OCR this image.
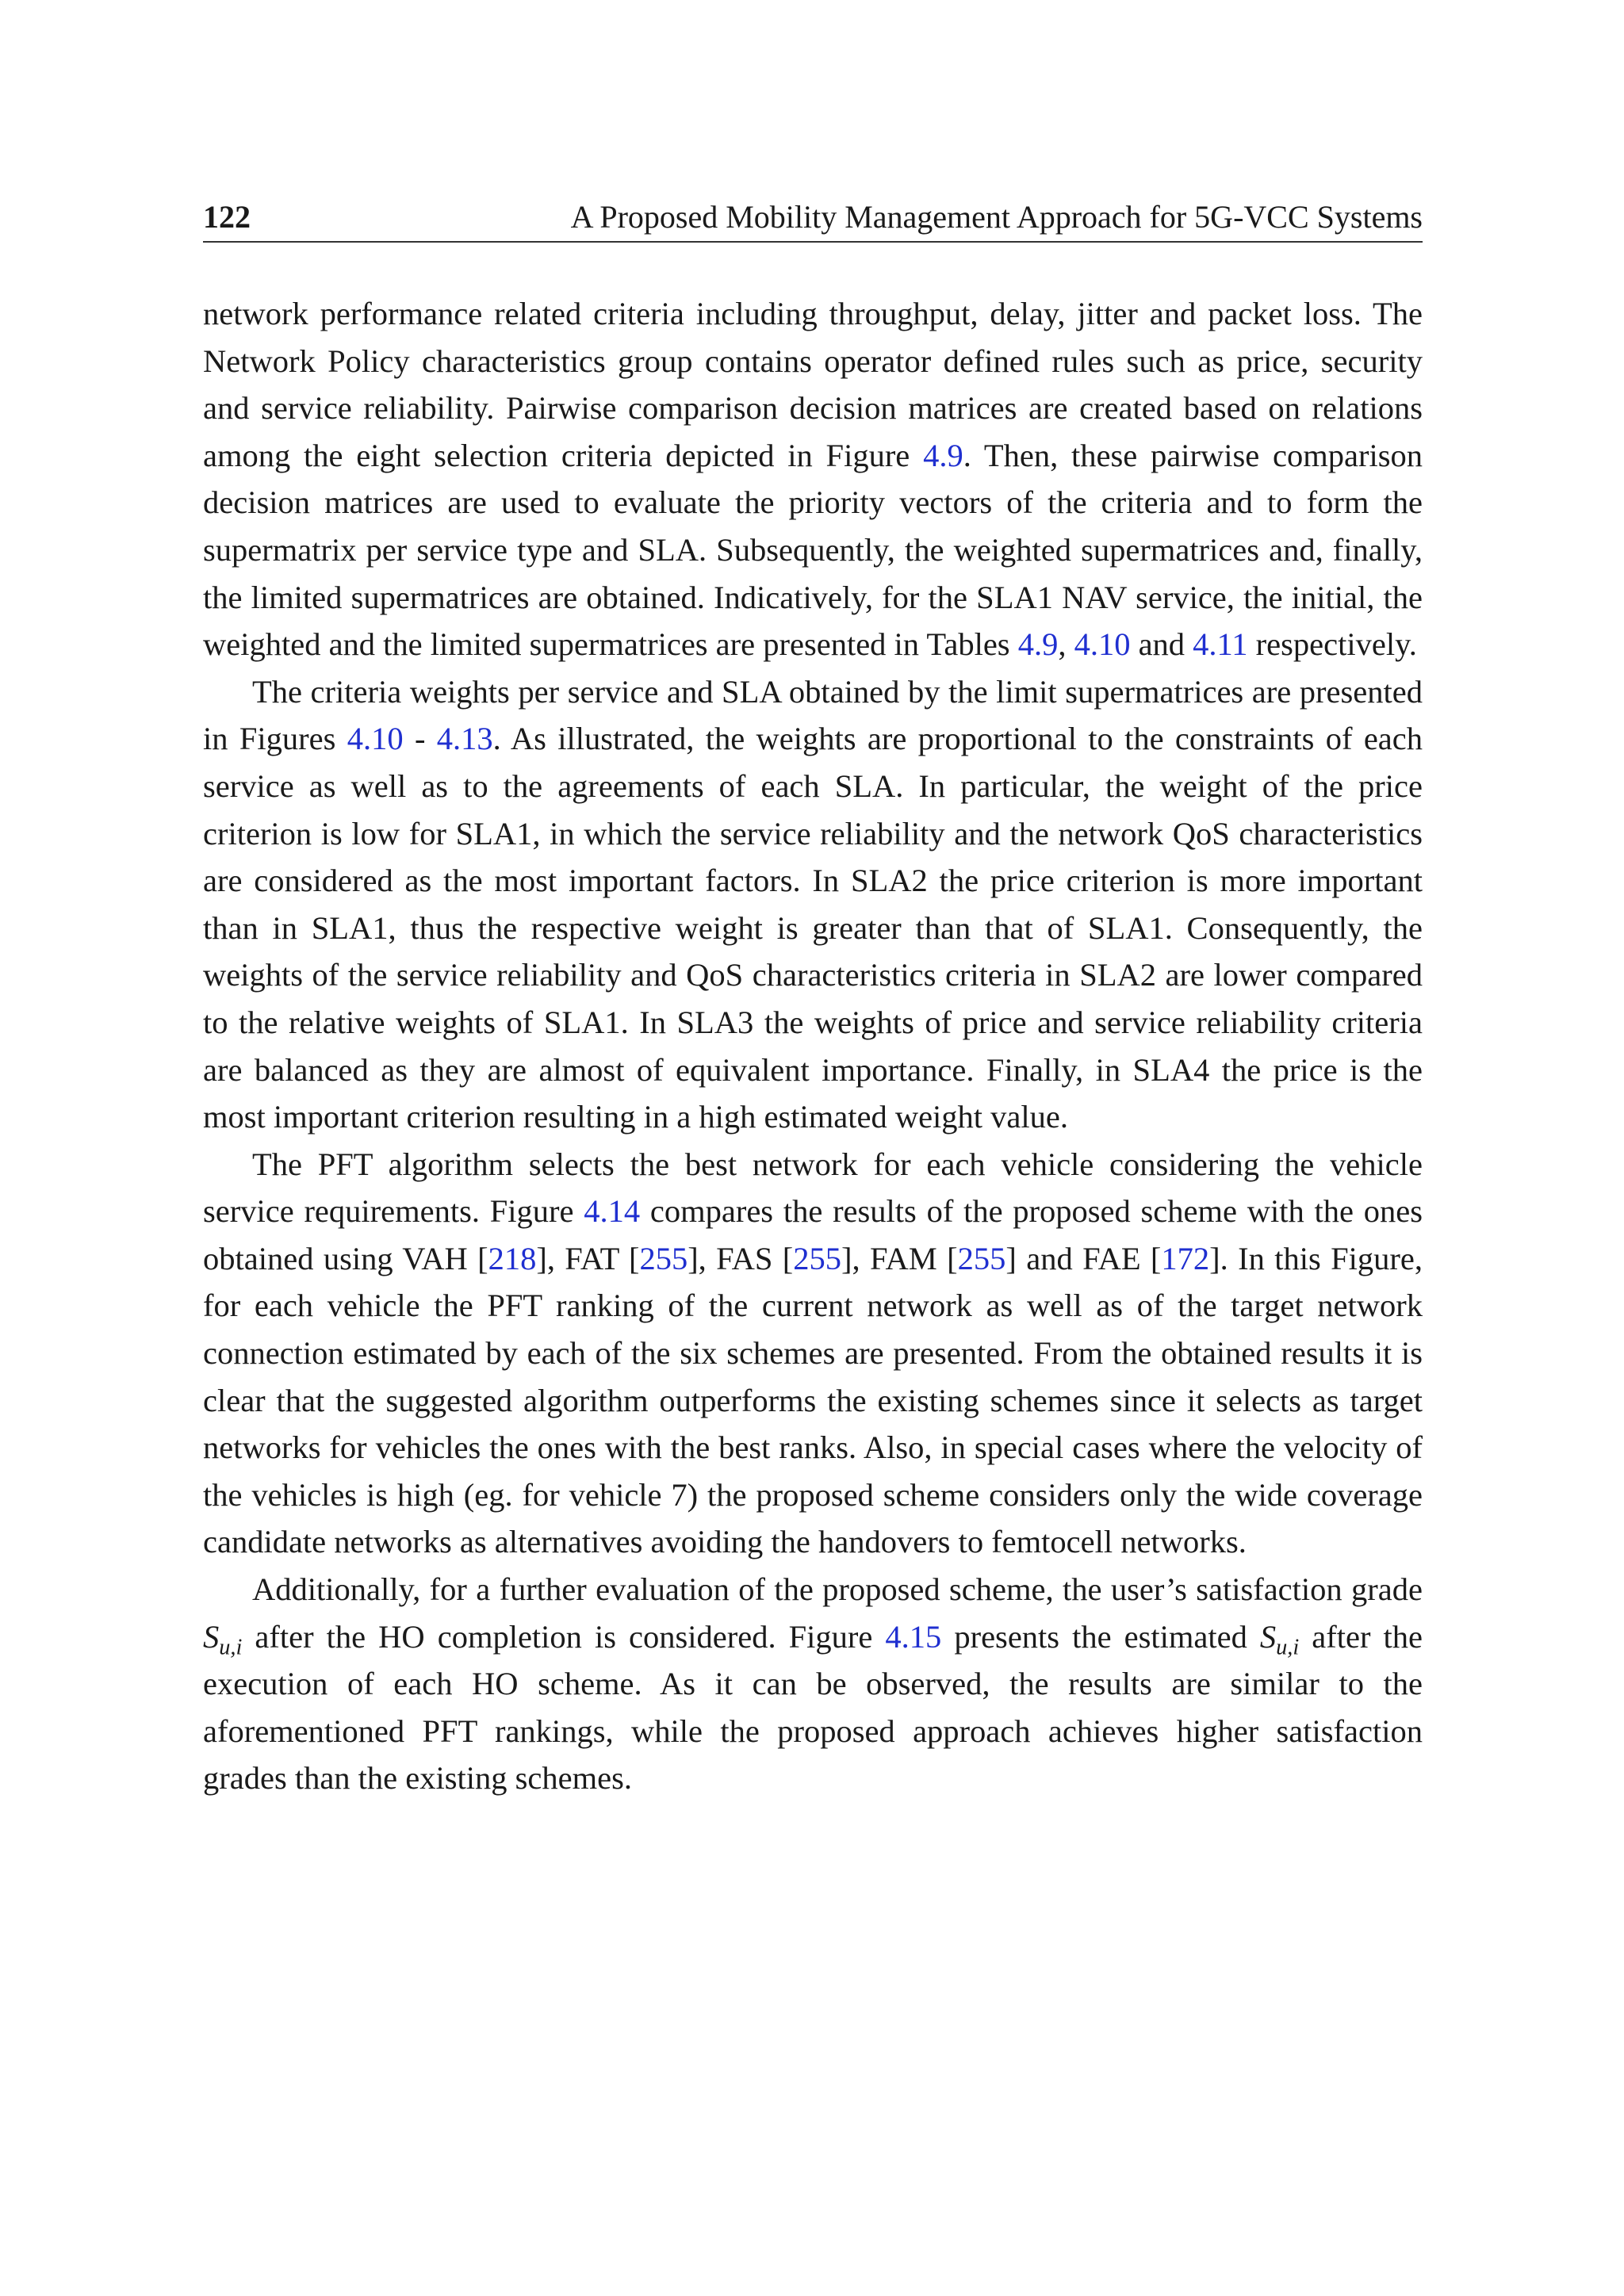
122	A Proposed Mobility Management Approach for 5G-VCC Systems

network performance related criteria including throughput, delay, jitter and packet loss. The Network Policy characteristics group contains operator defined rules such as price, security and service reliability. Pairwise comparison decision matrices are created based on relations among the eight selection criteria depicted in Figure 4.9. Then, these pairwise comparison decision matrices are used to evaluate the priority vectors of the criteria and to form the supermatrix per service type and SLA. Subsequently, the weighted supermatrices and, finally, the limited supermatrices are obtained. Indicatively, for the SLA1 NAV service, the initial, the weighted and the limited supermatrices are presented in Tables 4.9, 4.10 and 4.11 respectively.

The criteria weights per service and SLA obtained by the limit supermatrices are presented in Figures 4.10 - 4.13. As illustrated, the weights are proportional to the constraints of each service as well as to the agreements of each SLA. In particular, the weight of the price criterion is low for SLA1, in which the service reliability and the network QoS characteristics are considered as the most important factors. In SLA2 the price criterion is more important than in SLA1, thus the respective weight is greater than that of SLA1. Consequently, the weights of the service reliability and QoS characteristics criteria in SLA2 are lower compared to the relative weights of SLA1. In SLA3 the weights of price and service reliability criteria are balanced as they are almost of equivalent importance. Finally, in SLA4 the price is the most important criterion resulting in a high estimated weight value.

The PFT algorithm selects the best network for each vehicle considering the vehicle service requirements. Figure 4.14 compares the results of the proposed scheme with the ones obtained using VAH [218], FAT [255], FAS [255], FAM [255] and FAE [172]. In this Figure, for each vehicle the PFT ranking of the current network as well as of the target network connection estimated by each of the six schemes are presented. From the obtained results it is clear that the suggested algorithm outperforms the existing schemes since it selects as target networks for vehicles the ones with the best ranks. Also, in special cases where the velocity of the vehicles is high (eg. for vehicle 7) the proposed scheme considers only the wide coverage candidate networks as alternatives avoiding the handovers to femtocell networks.

Additionally, for a further evaluation of the proposed scheme, the user’s satisfaction grade $S_{u,i}$ after the HO completion is considered. Figure 4.15 presents the estimated $S_{u,i}$ after the execution of each HO scheme. As it can be observed, the results are similar to the aforementioned PFT rankings, while the proposed approach achieves higher satisfaction grades than the existing schemes.
